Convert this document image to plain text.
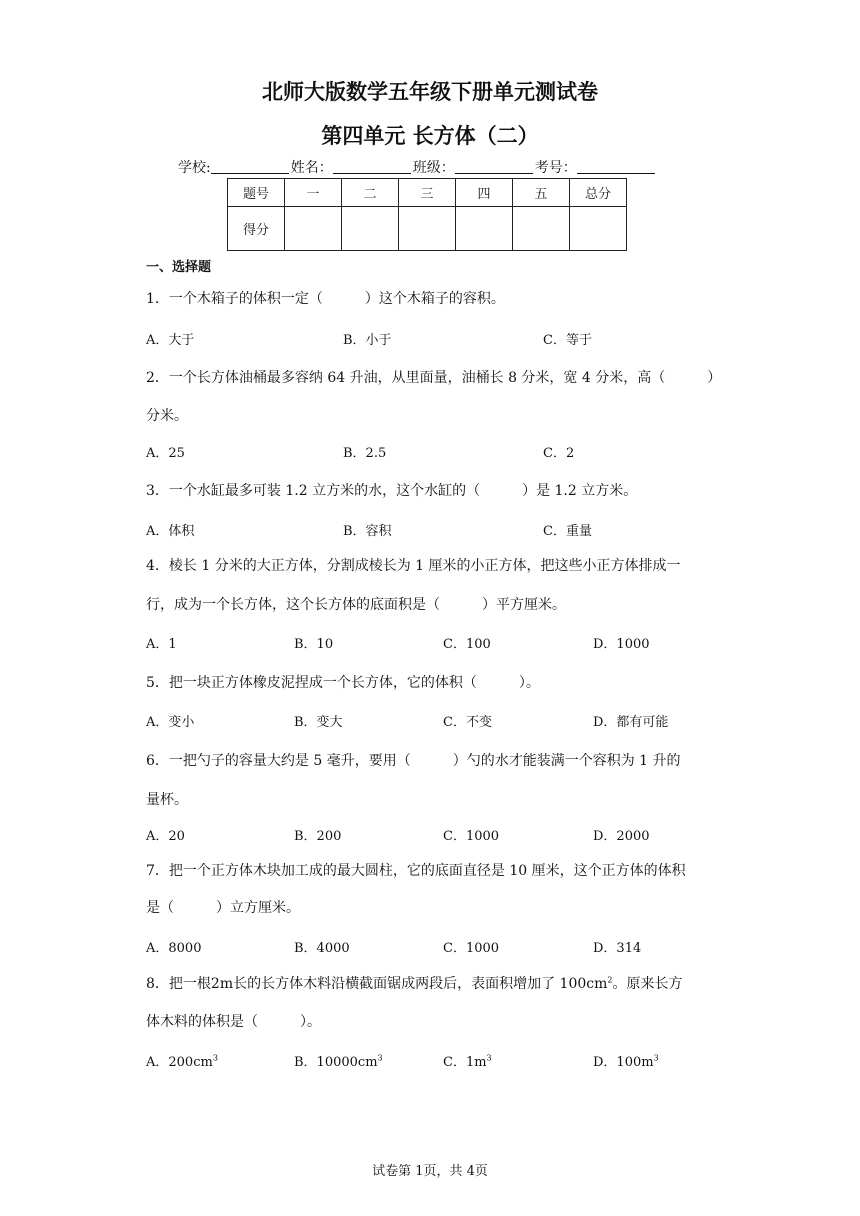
北师大版数学五年级下册单元测试卷
第四单元 长方体（二）
学校:	姓名：	班级：	考号：
题号	一	二	三	四	五	总分
得分						
一、选择题
1．一个木箱子的体积一定（　　　）这个木箱子的容积。
A．大于	B．小于	C．等于
2．一个长方体油桶最多容纳 64 升油，从里面量，油桶长 8 分米，宽 4 分米，高（　　　）
分米。
A．25	B．2.5	C．2
3．一个水缸最多可装 1.2 立方米的水，这个水缸的（　　　）是 1.2 立方米。
A．体积	B．容积	C．重量
4．棱长 1 分米的大正方体，分割成棱长为 1 厘米的小正方体，把这些小正方体排成一
行，成为一个长方体，这个长方体的底面积是（　　　）平方厘米。
A．1	B．10	C．100	D．1000
5．把一块正方体橡皮泥捏成一个长方体，它的体积（　　　）。
A．变小	B．变大	C．不变	D．都有可能
6．一把勺子的容量大约是 5 毫升，要用（　　　）勺的水才能装满一个容积为 1 升的
量杯。
A．20	B．200	C．1000	D．2000
7．把一个正方体木块加工成的最大圆柱，它的底面直径是 10 厘米，这个正方体的体积
是（　　　）立方厘米。
A．8000	B．4000	C．1000	D．314
8．把一根2m长的长方体木料沿横截面锯成两段后，表面积增加了 $100cm^2$。原来长方
体木料的体积是（　　　）。
A．$200cm^3$	B．$10000cm^3$	C．$1m^3$	D．$100m^3$
试卷第 1页，共 4页
